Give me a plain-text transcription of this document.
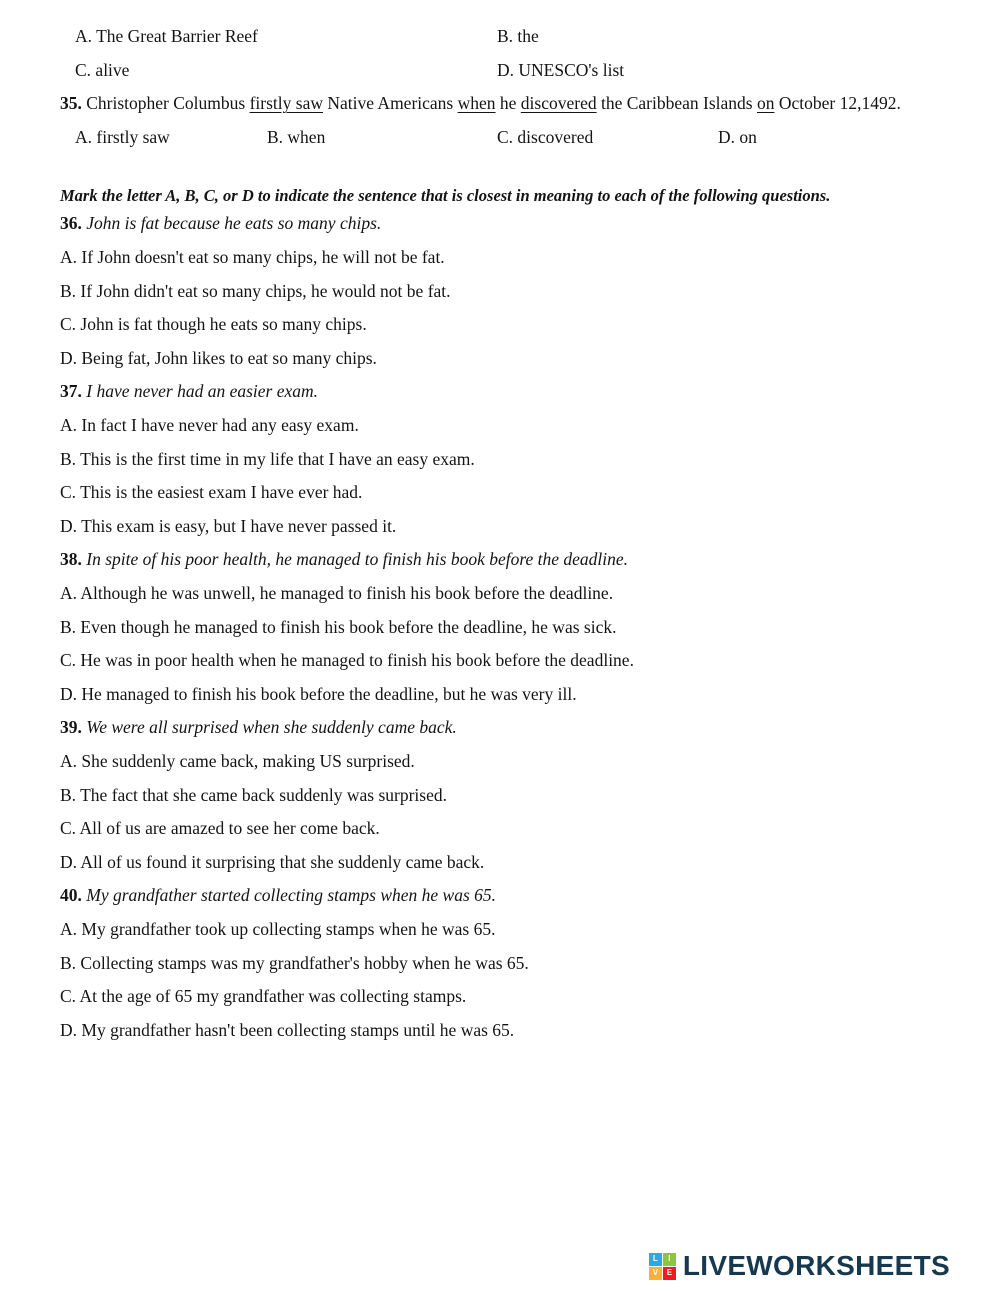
A. The Great Barrier Reef	B. the

C. alive	D. UNESCO's list

35. Christopher Columbus firstly saw Native Americans when he discovered the Caribbean Islands on October 12,1492.

A. firstly saw	B. when	C. discovered	D. on

Mark the letter A, B, C, or D to indicate the sentence that is closest in meaning to each of the following questions.

36. John is fat because he eats so many chips.

A. If John doesn't eat so many chips, he will not be fat.

B. If John didn't eat so many chips, he would not be fat.

C. John is fat though he eats so many chips.

D. Being fat, John likes to eat so many chips.

37. I have never had an easier exam.

A. In fact I have never had any easy exam.

B. This is the first time in my life that I have an easy exam.

C. This is the easiest exam I have ever had.

D. This exam is easy, but I have never passed it.

38. In spite of his poor health, he managed to finish his book before the deadline.

A. Although he was unwell, he managed to finish his book before the deadline.

B. Even though he managed to finish his book before the deadline, he was sick.

C. He was in poor health when he managed to finish his book before the deadline.

D. He managed to finish his book before the deadline, but he was very ill.

39. We were all surprised when she suddenly came back.

A. She suddenly came back, making US surprised.

B. The fact that she came back suddenly was surprised.

C. All of us are amazed to see her come back.

D. All of us found it surprising that she suddenly came back.

40. My grandfather started collecting stamps when he was 65.

A. My grandfather took up collecting stamps when he was 65.

B. Collecting stamps was my grandfather's hobby when he was 65.

C. At the age of 65 my grandfather was collecting stamps.

D. My grandfather hasn't been collecting stamps until he was 65.

L	I
V	E LIVEWORKSHEETS
